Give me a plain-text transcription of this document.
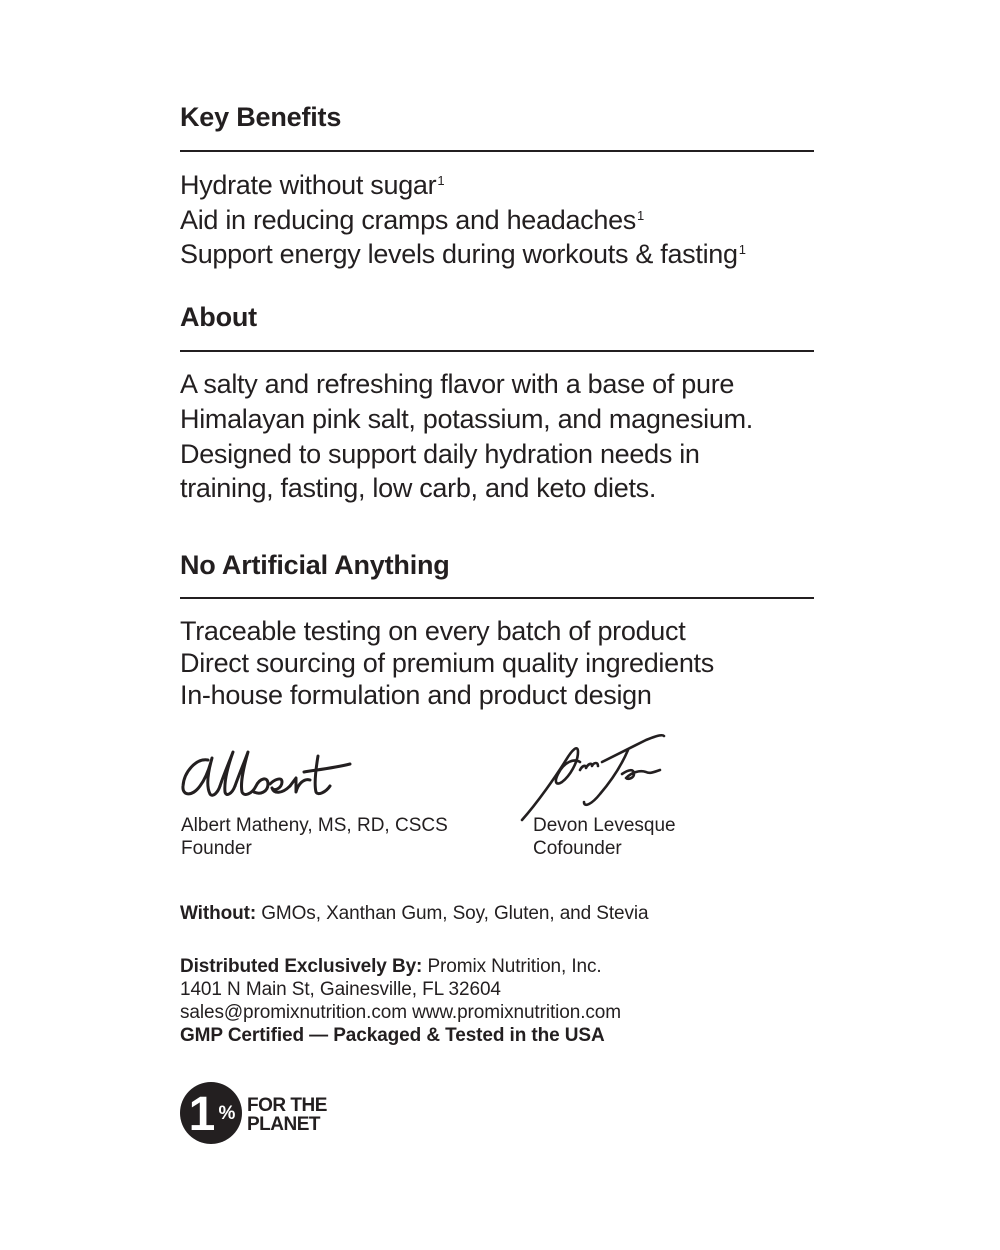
Key Benefits
Hydrate without sugar$^1$
Aid in reducing cramps and headaches$^1$
Support energy levels during workouts & fasting$^1$
About
A salty and refreshing flavor with a base of pure
Himalayan pink salt, potassium, and magnesium.
Designed to support daily hydration needs in
training, fasting, low carb, and keto diets.
No Artificial Anything
Traceable testing on every batch of product
Direct sourcing of premium quality ingredients
In-house formulation and product design
Albert Matheny, MS, RD, CSCS
Founder
Devon Levesque
Cofounder
Without: GMOs, Xanthan Gum, Soy, Gluten, and Stevia
Distributed Exclusively By: Promix Nutrition, Inc.
1401 N Main St, Gainesville, FL 32604
sales@promixnutrition.com www.promixnutrition.com
GMP Certified — Packaged & Tested in the USA
1 % FOR THE
PLANET
